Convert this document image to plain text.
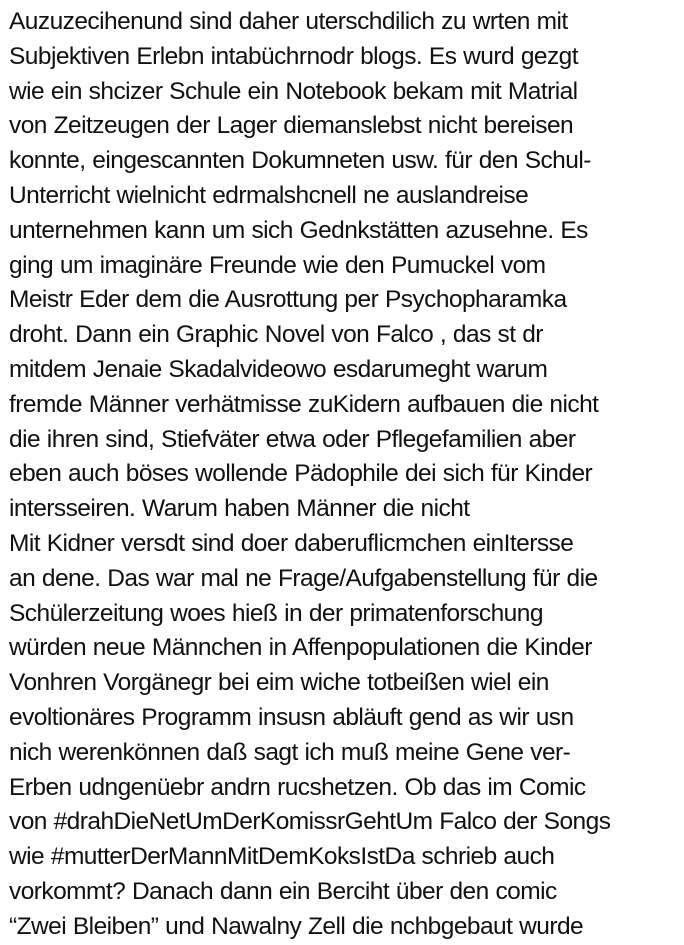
Auzuzecihenund sind daher uterschdilich zu wrten mit
Subjektiven Erlebn intabüchrnodr blogs. Es wurd gezgt
wie ein shcizer Schule ein Notebook bekam mit Matrial
von Zeitzeugen der Lager diemanslebst nicht bereisen
konnte, eingescannten Dokumneten usw. für den Schul-
Unterricht wielnicht edrmalshcnell ne auslandreise
unternehmen kann um sich Gednkstätten azusehne. Es
ging um imaginäre Freunde wie den Pumuckel vom
Meistr Eder dem die Ausrottung per Psychopharamka
droht. Dann ein Graphic Novel von Falco , das st dr
mitdem Jenaie Skadalvideowo esdarumeght warum
fremde Männer verhätmisse zuKidern aufbauen die nicht
die ihren sind, Stiefväter etwa oder Pflegefamilien aber
eben auch böses wollende Pädophile dei sich für Kinder
intersseiren. Warum haben Männer die nicht
Mit Kidner versdt sind doer daberuflicmchen einItersse
an dene. Das war mal ne Frage/Aufgabenstellung für die
Schülerzeitung woes hieß in der primatenforschung
würden neue Männchen in Affenpopulationen die Kinder
Vonhren Vorgänegr bei eim wiche totbeißen wiel ein
evoltionäres Programm insusn abläuft gend as wir usn
nich werenkönnen daß sagt ich muß meine Gene ver-
Erben udngenüebr andrn rucshetzen. Ob das im Comic
von #drahDieNetUmDerKomissrGehtUm Falco der Songs
wie #mutterDerMannMitDemKoksIstDa schrieb auch
vorkommt? Danach dann ein Berciht über den comic
“Zwei Bleiben” und Nawalny Zell die nchbgebaut wurde
